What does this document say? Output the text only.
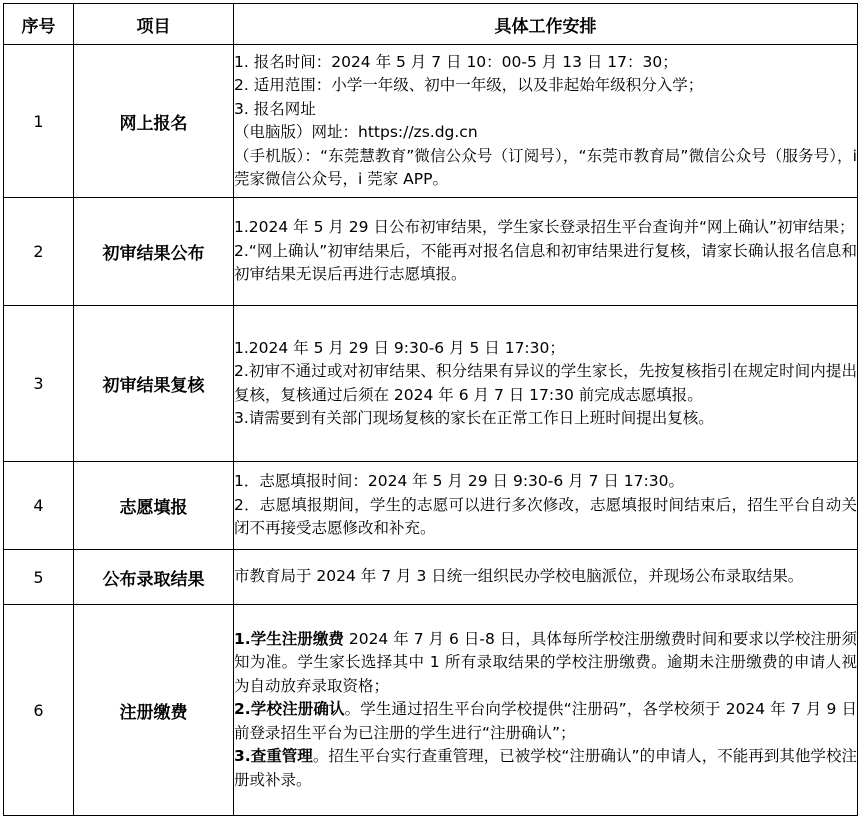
序号	项目	具体工作安排
1	网上报名	1. 报名时间：2024 年 5 月 7 日 10：00-5 月 13 日 17：30；

2. 适用范围：小学一年级、初中一年级，以及非起始年级积分入学；

3. 报名网址

（电脑版）网址：https://zs.dg.cn

（手机版）：“东莞慧教育”微信公众号（订阅号），“东莞市教育局”微信公众号（服务号），i 莞家微信公众号，i 莞家 APP。

2	初审结果公布	1.2024 年 5 月 29 日公布初审结果，学生家长登录招生平台查询并“网上确认”初审结果；

2.“网上确认”初审结果后，不能再对报名信息和初审结果进行复核，请家长确认报名信息和初审结果无误后再进行志愿填报。

3	初审结果复核	1.2024 年 5 月 29 日 9:30-6 月 5 日 17:30；

2.初审不通过或对初审结果、积分结果有异议的学生家长，先按复核指引在规定时间内提出复核，复核通过后须在 2024 年 6 月 7 日 17:30 前完成志愿填报。

3.请需要到有关部门现场复核的家长在正常工作日上班时间提出复核。

4	志愿填报	1．志愿填报时间：2024 年 5 月 29 日 9:30-6 月 7 日 17:30。

2．志愿填报期间，学生的志愿可以进行多次修改，志愿填报时间结束后，招生平台自动关闭不再接受志愿修改和补充。

5	公布录取结果	市教育局于 2024 年 7 月 3 日统一组织民办学校电脑派位，并现场公布录取结果。

6	注册缴费	1.学生注册缴费 2024 年 7 月 6 日-8 日，具体每所学校注册缴费时间和要求以学校注册须知为准。学生家长选择其中 1 所有录取结果的学校注册缴费。逾期未注册缴费的申请人视为自动放弃录取资格；

2.学校注册确认。学生通过招生平台向学校提供“注册码”，各学校须于 2024 年 7 月 9 日前登录招生平台为已注册的学生进行“注册确认”；

3.查重管理。招生平台实行查重管理，已被学校“注册确认”的申请人，不能再到其他学校注册或补录。
